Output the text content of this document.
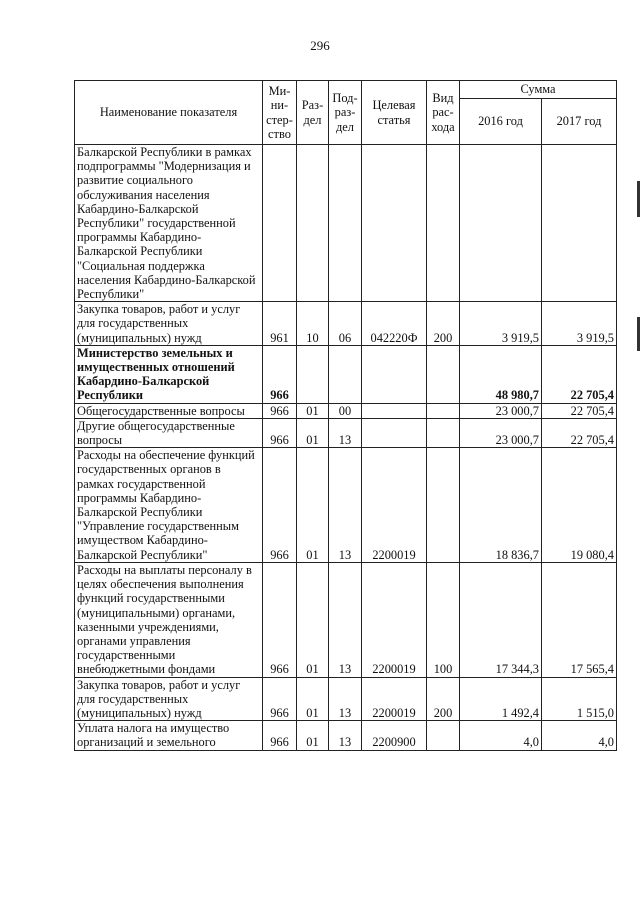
296
Наименование показателя	Ми-ни-стер-ство	Раз-дел	Под-раз-дел	Целевая статья	Вид рас-хода	Сумма	
						2016 год	2017 год
Балкарской Республики в рамках подпрограммы "Модернизация и развитие социального обслуживания населения Кабардино-Балкарской Республики" государственной программы Кабардино-Балкарской Республики "Социальная поддержка населения Кабардино-Балкарской Республики"							
Закупка товаров, работ и услуг для государственных (муниципальных) нужд	961	10	06	042220Ф	200	3 919,5	3 919,5
Министерство земельных и имущественных отношений Кабардино-Балкарской Республики	966					48 980,7	22 705,4
Общегосударственные вопросы	966	01	00			23 000,7	22 705,4
Другие общегосударственные вопросы	966	01	13			23 000,7	22 705,4
Расходы на обеспечение функций государственных органов в рамках государственной программы Кабардино-Балкарской Республики "Управление государственным имуществом Кабардино-Балкарской Республики"	966	01	13	2200019		18 836,7	19 080,4
Расходы на выплаты персоналу в целях обеспечения выполнения функций государственными (муниципальными) органами, казенными учреждениями, органами управления государственными внебюджетными фондами	966	01	13	2200019	100	17 344,3	17 565,4
Закупка товаров, работ и услуг для государственных (муниципальных) нужд	966	01	13	2200019	200	1 492,4	1 515,0
Уплата налога на имущество организаций и земельного	966	01	13	2200900		4,0	4,0
